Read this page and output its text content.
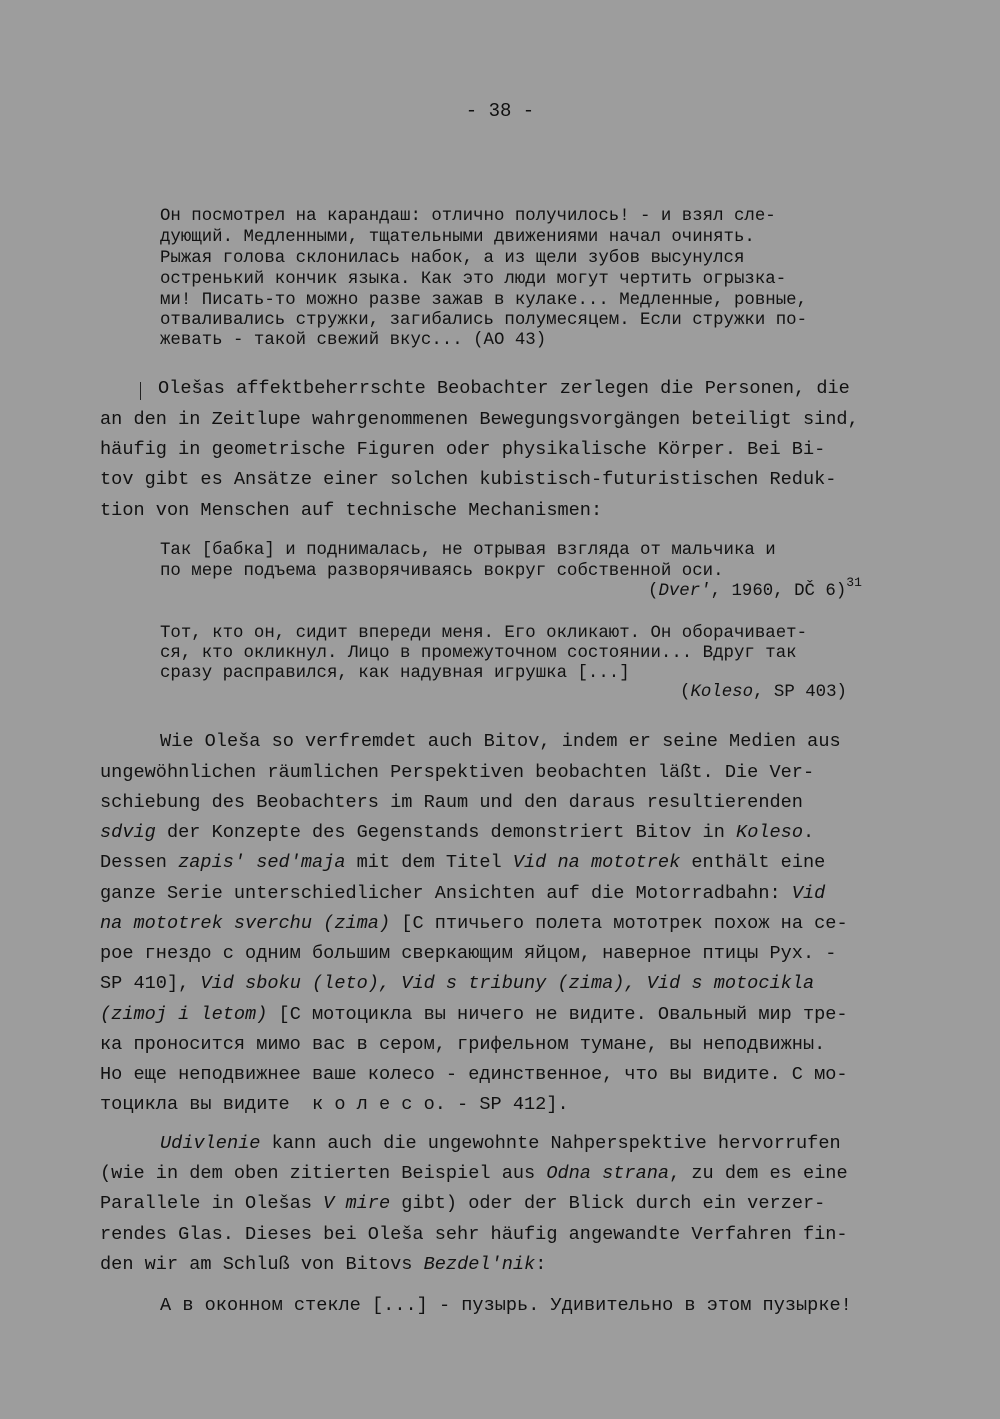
- 38 -
Он посмотрел на карандаш: отлично получилось! - и взял сле-
дующий. Медленными, тщательными движениями начал очинять.
Рыжая голова склонилась набок, а из щели зубов высунулся
остренький кончик языка. Как это люди могут чертить огрызка-
ми! Писать-то можно разве зажав в кулаке... Медленные, ровные,
отваливались стружки, загибались полумесяцем. Если стружки по-
жевать - такой свежий вкус... (АО 43)
Olešas affektbeherrschte Beobachter zerlegen die Personen, die
an den in Zeitlupe wahrgenommenen Bewegungsvorgängen beteiligt sind,
häufig in geometrische Figuren oder physikalische Körper. Bei Bi-
tov gibt es Ansätze einer solchen kubistisch-futuristischen Reduk-
tion von Menschen auf technische Mechanismen:
Так [бабка] и поднималась, не отрывая взгляда от мальчика и
по мере подъема разворячиваясь вокруг собственной оси.
(Dver', 1960, DČ 6)$^{31}$
Тот, кто он, сидит впереди меня. Его окликают. Он оборачивает-
ся, кто окликнул. Лицо в промежуточном состоянии... Вдруг так
сразу расправился, как надувная игрушка [...]
(Koleso, SP 403)
Wie Oleša so verfremdet auch Bitov, indem er seine Medien aus
ungewöhnlichen räumlichen Perspektiven beobachten läßt. Die Ver-
schiebung des Beobachters im Raum und den daraus resultierenden
sdvig der Konzepte des Gegenstands demonstriert Bitov in Koleso.
Dessen zapis' sed'maja mit dem Titel Vid na mototrek enthält eine
ganze Serie unterschiedlicher Ansichten auf die Motorradbahn: Vid
na mototrek sverchu (zima) [С птичьего полета мототрек похож на се-
рое гнездо с одним большим сверкающим яйцом, наверное птицы Рух. -
SP 410], Vid sboku (leto), Vid s tribuny (zima), Vid s motocikla
(zimoj i letom) [С мотоцикла вы ничего не видите. Овальный мир тре-
ка проносится мимо вас в сером, грифельном тумане, вы неподвижны.
Но еще неподвижнее ваше колесо - единственное, что вы видите. С мо-
тоцикла вы видите  к о л е с о. - SP 412].
Udivlenie kann auch die ungewohnte Nahperspektive hervorrufen
(wie in dem oben zitierten Beispiel aus Odna strana, zu dem es eine
Parallele in Olešas V mire gibt) oder der Blick durch ein verzer-
rendes Glas. Dieses bei Oleša sehr häufig angewandte Verfahren fin-
den wir am Schluß von Bitovs Bezdel'nik:
А в оконном стекле [...] - пузырь. Удивительно в этом пузырке!
